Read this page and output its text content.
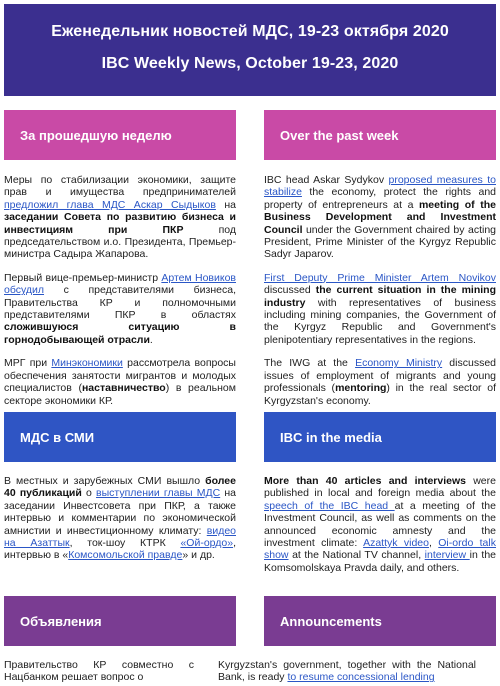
Еженедельник новостей МДС, 19-23 октября 2020
IBC Weekly News, October 19-23, 2020
За прошедшую неделю	Over the past week

Меры по стабилизации экономики, защите прав и имущества предпринимателей предложил глава МДС Аскар Сыдыков на заседании Совета по развитию бизнеса и инвестициям при ПКР под председательством и.о. Президента, Премьер-министра Садыра Жапарова.

Первый вице-премьер-министр Артем Новиков обсудил с представителями бизнеса, Правительства КР и полномочными представителями ПКР в областях сложившуюся ситуацию в горнодобывающей отрасли.

МРГ при Минэкономики рассмотрела вопросы обеспечения занятости мигрантов и молодых специалистов (наставничество) в реальном секторе экономики КР.

IBC head Askar Sydykov proposed measures to stabilize the economy, protect the rights and property of entrepreneurs at a meeting of the Business Development and Investment Council under the Government chaired by acting President, Prime Minister of the Kyrgyz Republic Sadyr Japarov.

First Deputy Prime Minister Artem Novikov discussed the current situation in the mining industry with representatives of business including mining companies, the Government of the Kyrgyz Republic and Government's plenipotentiary representatives in the regions.

The IWG at the Economy Ministry discussed issues of employment of migrants and young professionals (mentoring) in the real sector of Kyrgyzstan's economy.

МДС в СМИ	IBC in the media

В местных и зарубежных СМИ вышло более 40 публикаций о выступлении главы МДС на заседании Инвестсовета при ПКР, а также интервью и комментарии по экономической амнистии и инвестиционному климату: видео на Азаттык, ток-шоу КТРК «Ой-ордо», интервью в «Комсомольской правде» и др.

More than 40 articles and interviews were published in local and foreign media about the speech of the IBC head at a meeting of the Investment Council, as well as comments on the announced economic amnesty and the investment climate: Azattyk video, Oi-ordo talk show at the National TV channel, interview in the Komsomolskaya Pravda daily, and others.

Объявления	Announcements

Правительство КР совместно с Нацбанком решает вопрос о

Kyrgyzstan's government, together with the National Bank, is ready to resume concessional lending
